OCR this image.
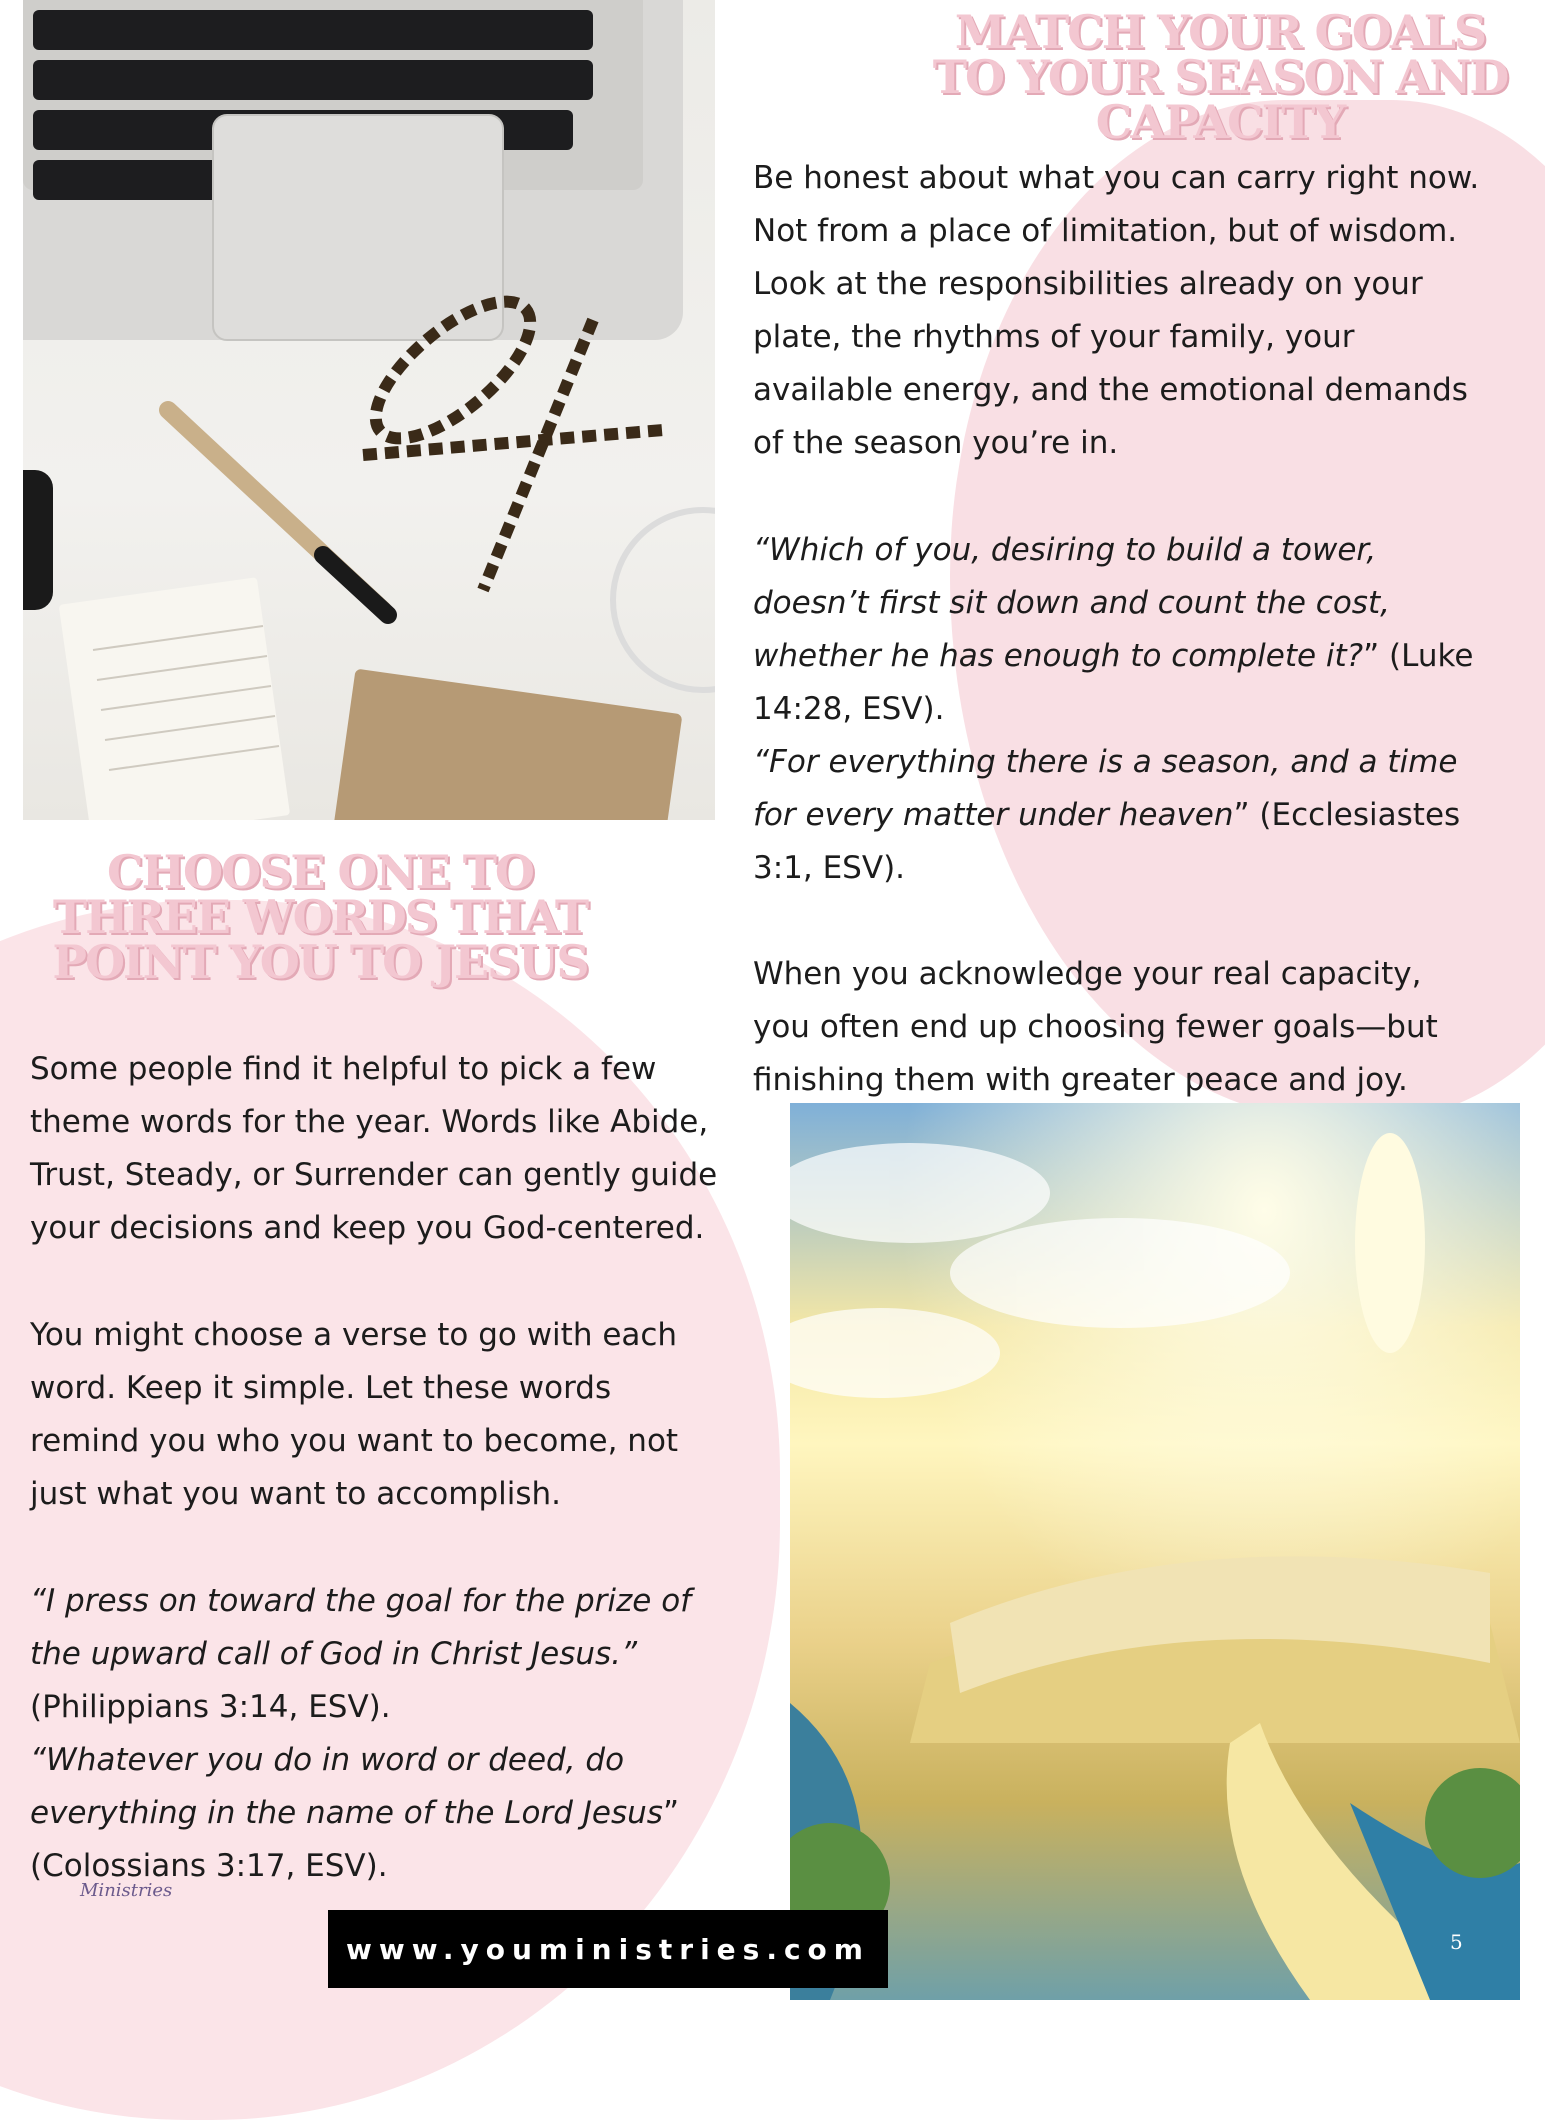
MATCH YOUR GOALS
TO YOUR SEASON AND
CAPACITY

Be honest about what you can carry right now.
Not from a place of limitation, but of wisdom.
Look at the responsibilities already on your
plate, the rhythms of your family, your
available energy, and the emotional demands
of the season you’re in.

“Which of you, desiring to build a tower,
doesn’t first sit down and count the cost,
whether he has enough to complete it?” (Luke
14:28, ESV).
“For everything there is a season, and a time
for every matter under heaven” (Ecclesiastes
3:1, ESV).

When you acknowledge your real capacity,
you often end up choosing fewer goals—but
finishing them with greater peace and joy.

CHOOSE ONE TO
THREE WORDS THAT
POINT YOU TO JESUS

Some people find it helpful to pick a few
theme words for the year. Words like Abide,
Trust, Steady, or Surrender can gently guide
your decisions and keep you God-centered.

You might choose a verse to go with each
word. Keep it simple. Let these words
remind you who you want to become, not
just what you want to accomplish.

“I press on toward the goal for the prize of
the upward call of God in Christ Jesus.”
(Philippians 3:14, ESV).
“Whatever you do in word or deed, do
everything in the name of the Lord Jesus”
(Colossians 3:17, ESV).

Ministries
www.youministries.com	5
